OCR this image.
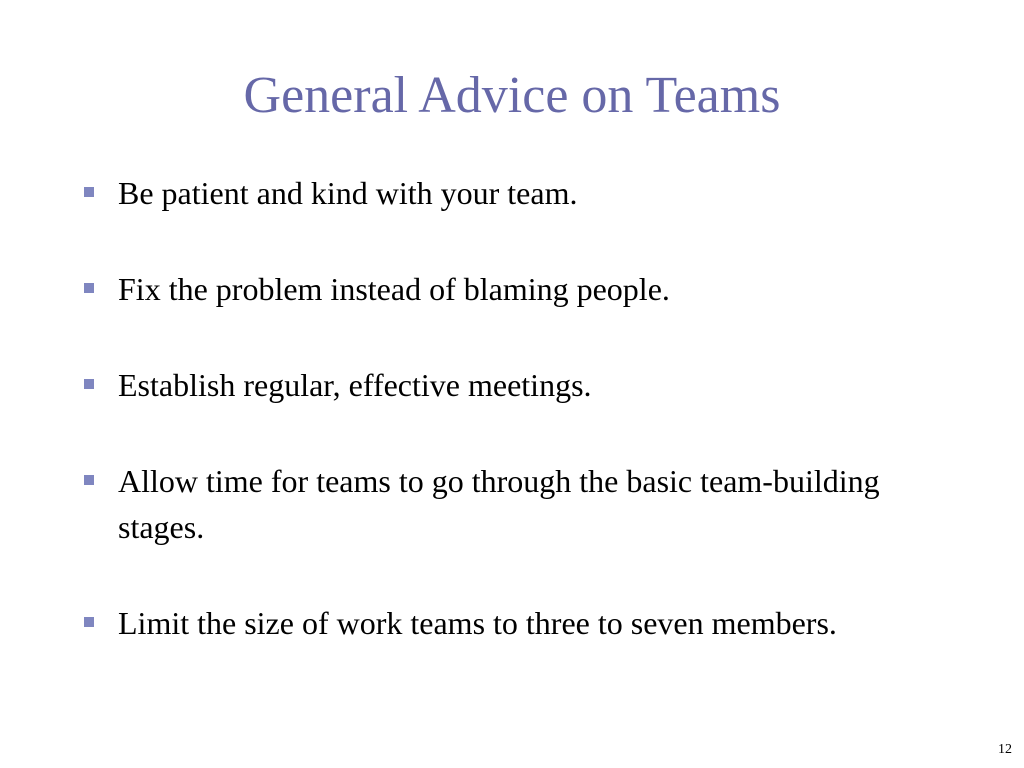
General Advice on Teams
Be patient and kind with your team.
Fix the problem instead of blaming people.
Establish regular, effective meetings.
Allow time for teams to go through the basic team-building stages.
Limit the size of work teams to three to seven members.
12
